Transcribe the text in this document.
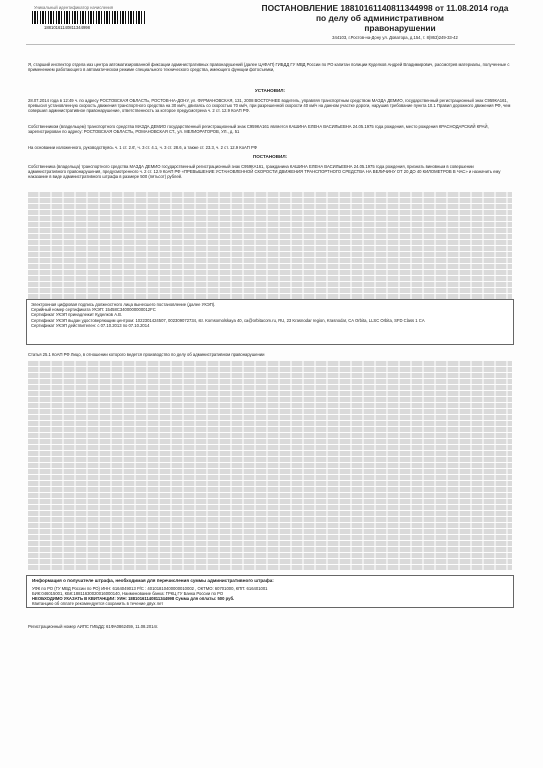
Уникальный идентификатор начисления
18810161140811344998
ПОСТАНОВЛЕНИЕ 18810161140811344998 от 11.08.2014 года
по делу об административном
правонарушении
344103, г.Ростов-на-Дону ул. Доватора, д.154, т. 8(863)249-33-42
Я, старший инспектор отдела иаз центра автоматизированной фиксации административных правонарушений (далее ЦАФАП) ГИБДД ГУ МВД России по РО капитан полиции Куделков Андрей Владимирович, рассмотрев материалы, полученные с применением работающего в автоматическом режиме специального технического средства, имеющего функции фотосъемки,
УСТАНОВИЛ:
28.07.2014 года в 12:49 ч. по адресу РОСТОВСКАЯ ОБЛАСТЬ, РОСТОВ-НА-ДОНУ, ул. ФУРМАНОВСКАЯ, 131, 2008 ВОСТОЧНЕЕ водитель, управляя транспортным средством МАЗДА ДЕМИО, государственный регистрационный знак С959КА161, превысил установленную скорость движения транспортного средства на 30 км/ч, двигаясь со скоростью 70 км/ч, при разрешенной скорости 40 км/ч на данном участке дороги, нарушив требование пункта 10.1 Правил дорожного движения РФ, чем совершил административное правонарушение, ответственность за которое предусмотрена ч. 2 ст. 12.9 КоАП РФ.
Собственником (владельцем) транспортного средства МАЗДА ДЕМИО государственный регистрационный знак С959КА161 является КАШИНА ЕЛЕНА ВАСИЛЬЕВНА 24.05.1975 года рождения, место рождения КРАСНОДАРСКИЙ КРАЙ, зарегистрирован по адресу: РОСТОВСКАЯ ОБЛАСТЬ, РОМАНОВСКАЯ СТ., ул. МЕЛИОРАТОРОВ, УЛ., д. 51
На основании изложенного, руководствуясь ч. 1 ст. 2.6', ч. 3 ст. 4.1, ч. 3 ст. 28.6, а также ст. 23.3, ч. 2 ст. 12.9 КоАП РФ
ПОСТАНОВИЛ:
Собственника (владельца) транспортного средства МАЗДА ДЕМИО государственный регистрационный знак С959КА161, гражданина КАШИНА ЕЛЕНА ВАСИЛЬЕВНА 24.05.1975 года рождения, признать виновным в совершении административного правонарушения, предусмотренного ч. 2 ст. 12.9 КоАП РФ «ПРЕВЫШЕНИЕ УСТАНОВЛЕННОЙ СКОРОСТИ ДВИЖЕНИЯ ТРАНСПОРТНОГО СРЕДСТВА НА ВЕЛИЧИНУ ОТ 20 ДО 40 КИЛОМЕТРОВ В ЧАС» и назначить ему наказание в виде административного штрафа в размере 500 (пятьсот) рублей.
Электронная цифровая подпись должностного лица вынесшего постановление (далее УКЭП).
Серийный номер сертификата УКЭП: 15458C3400000000012FC
Сертификат УКЭП принадлежит Куделков А.В.
Сертификат УКЭП выдан удостоверяющим центром: 1022301424507, 002309072734, str. Komsomolskaya 40, ca@orbitacom.ru, RU, 23 Krasnodar region, Krasnodar, CA Orbita, LLSC Orbita, SFD Class 1 CA
Сертификат УКЭП действителен: с 07.10.2013 по 07.10.2014
Статья 25.1 КоАП РФ Лицо, в отношении которого ведется производство по делу об административном правонарушении
Информация о получателе штрафа, необходимая для перечисления суммы административного штрафа:
УФК по РО (ГУ МВД России по РО) ИНН: 6164049013 Р/С : 40101810400000010002 , ОКТМО: 60701000, КПП: 616401001
БИК:046015001, КБК:18811630020016000140, Наименование банка: ГРКЦ ГУ Банка России по РО
НЕОБХОДИМО УКАЗАТЬ В КВИТАНЦИИ: УИН: 18810161140811344998 Сумма для оплаты: 500 руб.
Квитанцию об оплате рекомендуется сохранить в течение двух лет
Регистрационный номер АИПС ГИБДД: 61ФА0862459, 11.08.2014г.
